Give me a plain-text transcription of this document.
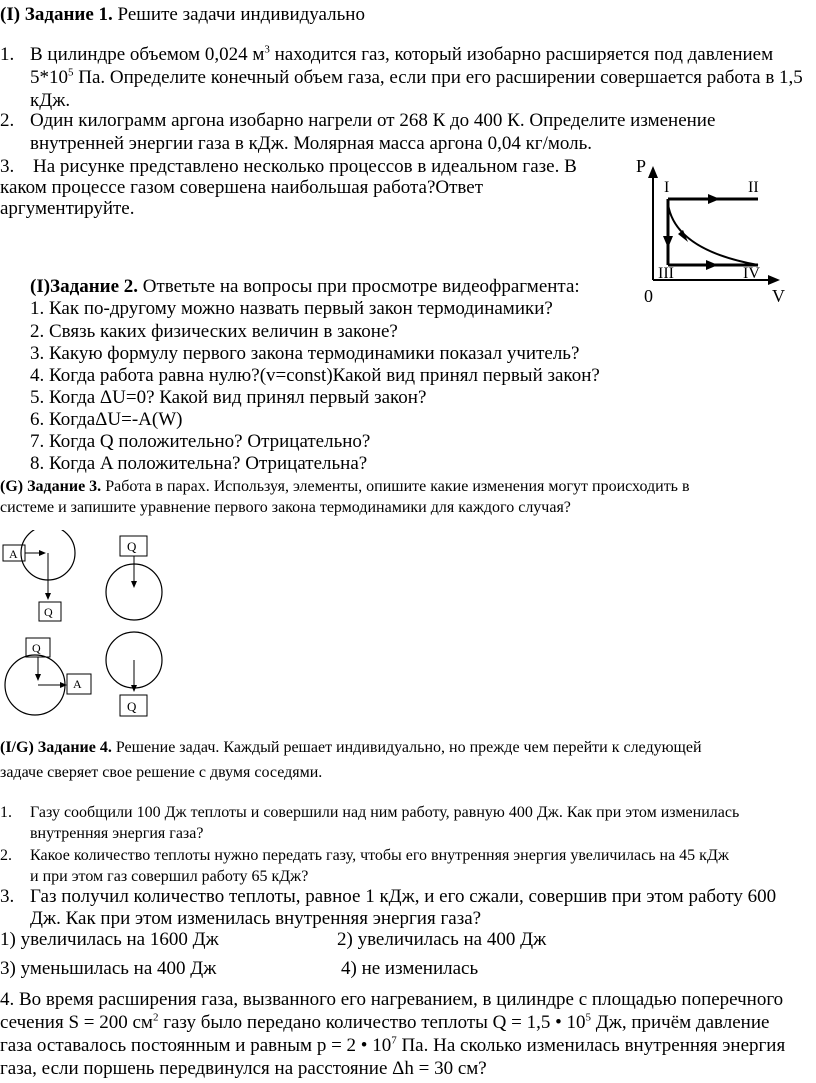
(I) Задание 1. Решите задачи индивидуально
1. В цилиндре объемом 0,024 $м^3$ находится газ, который изобарно расширяется под давлением
$5*10^5$ Па. Определите конечный объем газа, если при его расширении совершается работа в 1,5
кДж.
2. Один килограмм аргона изобарно нагрели от 268 К до 400 К. Определите изменение
внутренней энергии газа в кДж. Молярная масса аргона 0,04 кг/моль.
3. На рисунке представлено несколько процессов в идеальном газе. В
каком процессе газом совершена наибольшая работа?Ответ
аргументируйте.
P
V
0
I	II
III	IV
(I)Задание 2. Ответьте на вопросы при просмотре видеофрагмента:
1. Как по-другому можно назвать первый закон термодинамики?
2. Связь каких физических величин в законе?
3. Какую формулу первого закона термодинамики показал учитель?
4. Когда работа равна нулю?(v=const)Какой вид принял первый закон?
5. Когда ΔU=0? Какой вид принял первый закон?
6. КогдаΔU=-A(W)
7. Когда Q положительно? Отрицательно?
8. Когда A положительна? Отрицательна?
(G) Задание 3. Работа в парах. Используя, элементы, опишите какие изменения могут происходить в
системе и запишите уравнение первого закона термодинамики для каждого случая?
A
Q
Q
Q
A
Q
(I/G) Задание 4. Решение задач. Каждый решает индивидуально, но прежде чем перейти к следующей
задаче сверяет свое решение с двумя соседями.
1. Газу сообщили 100 Дж теплоты и совершили над ним работу, равную 400 Дж. Как при этом изменилась
внутренняя энергия газа?
2. Какое количество теплоты нужно передать газу, чтобы его внутренняя энергия увеличилась на 45 кДж
и при этом газ совершил работу 65 кДж?
3. Газ получил количество теплоты, равное 1 кДж, и его сжали, совершив при этом работу 600
Дж. Как при этом изменилась внутренняя энергия газа?
1) увеличилась на 1600 Дж	2) увеличилась на 400 Дж
3) уменьшилась на 400 Дж	4) не изменилась
4. Во время расширения газа, вызванного его нагреванием, в цилиндре с площадью поперечного
сечения S = 200 $см^2$ газу было передано количество теплоты Q = 1,5 • $10^5$ Дж, причём давление
газа оставалось постоянным и равным р = 2 • $10^7$ Па. На сколько изменилась внутренняя энергия
газа, если поршень передвинулся на расстояние Δh = 30 см?
